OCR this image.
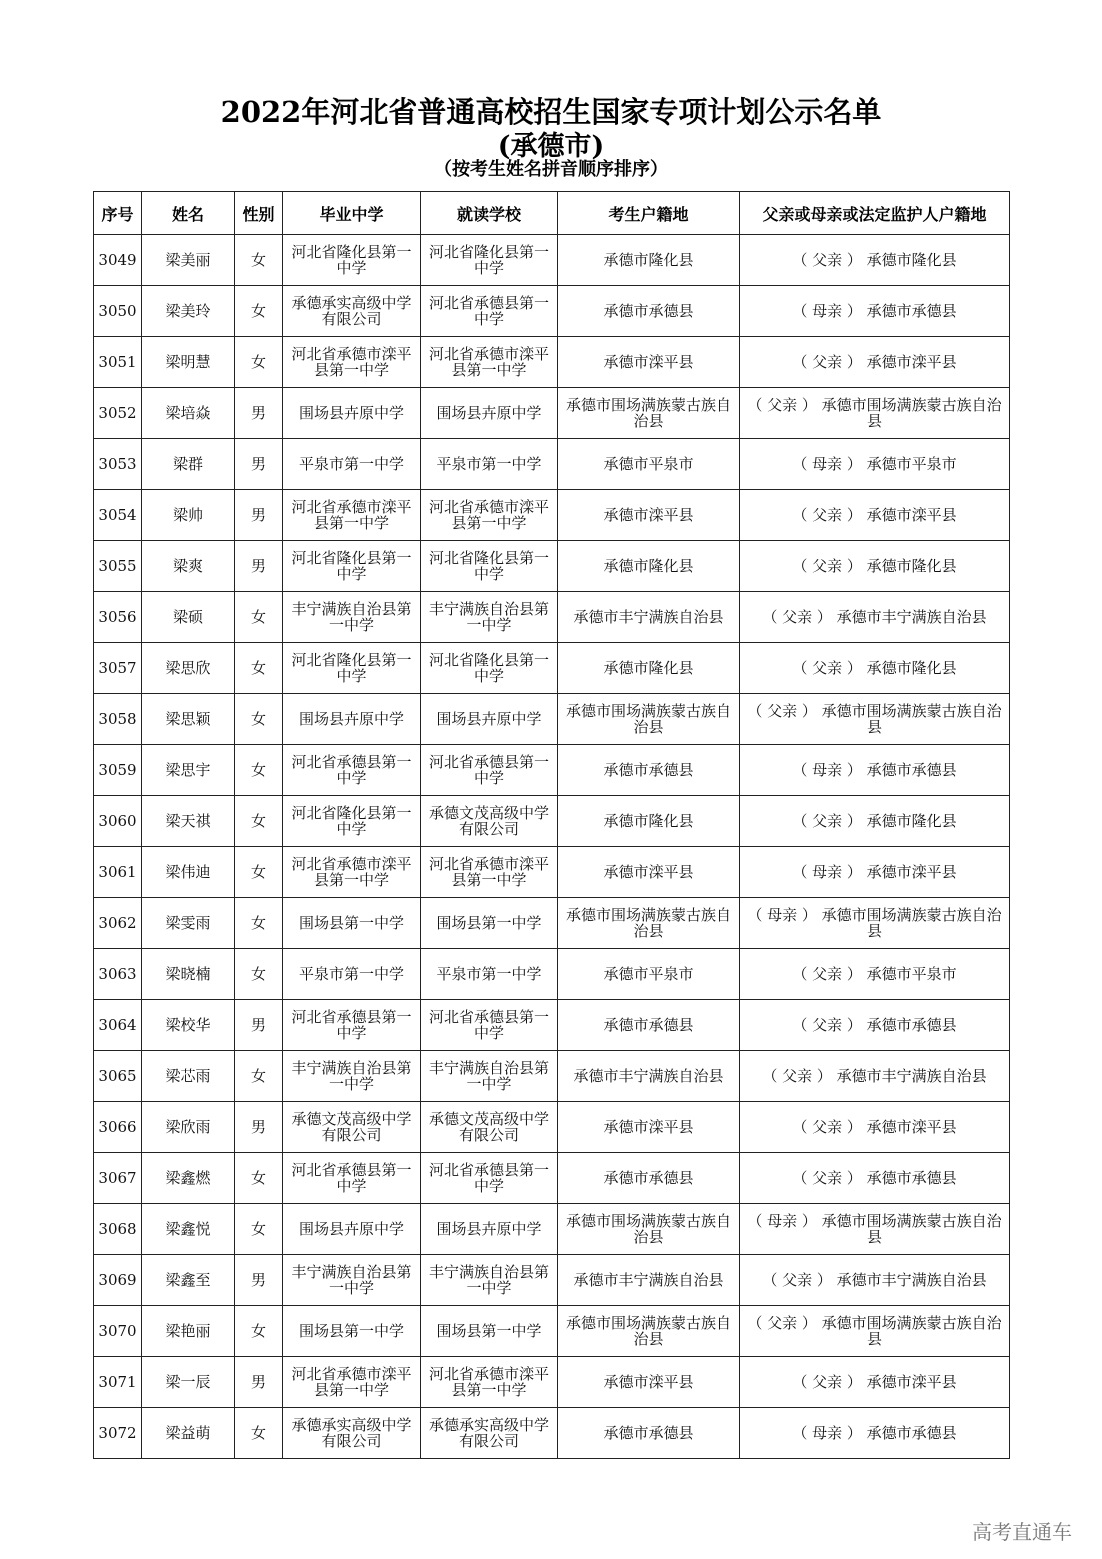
2022年河北省普通高校招生国家专项计划公示名单
(承德市)
（按考生姓名拼音顺序排序）
序号	姓名	性别	毕业中学	就读学校	考生户籍地	父亲或母亲或法定监护人户籍地
3049	梁美丽	女	河北省隆化县第一中学	河北省隆化县第一中学	承德市隆化县	（ 父亲 ） 承德市隆化县
3050	梁美玲	女	承德承实高级中学有限公司	河北省承德县第一中学	承德市承德县	（ 母亲 ） 承德市承德县
3051	梁明慧	女	河北省承德市滦平县第一中学	河北省承德市滦平县第一中学	承德市滦平县	（ 父亲 ） 承德市滦平县
3052	梁培焱	男	围场县卉原中学	围场县卉原中学	承德市围场满族蒙古族自治县	（ 父亲 ） 承德市围场满族蒙古族自治县
3053	梁群	男	平泉市第一中学	平泉市第一中学	承德市平泉市	（ 母亲 ） 承德市平泉市
3054	梁帅	男	河北省承德市滦平县第一中学	河北省承德市滦平县第一中学	承德市滦平县	（ 父亲 ） 承德市滦平县
3055	梁爽	男	河北省隆化县第一中学	河北省隆化县第一中学	承德市隆化县	（ 父亲 ） 承德市隆化县
3056	梁硕	女	丰宁满族自治县第一中学	丰宁满族自治县第一中学	承德市丰宁满族自治县	（ 父亲 ） 承德市丰宁满族自治县
3057	梁思欣	女	河北省隆化县第一中学	河北省隆化县第一中学	承德市隆化县	（ 父亲 ） 承德市隆化县
3058	梁思颖	女	围场县卉原中学	围场县卉原中学	承德市围场满族蒙古族自治县	（ 父亲 ） 承德市围场满族蒙古族自治县
3059	梁思宇	女	河北省承德县第一中学	河北省承德县第一中学	承德市承德县	（ 母亲 ） 承德市承德县
3060	梁天祺	女	河北省隆化县第一中学	承德文茂高级中学有限公司	承德市隆化县	（ 父亲 ） 承德市隆化县
3061	梁伟迪	女	河北省承德市滦平县第一中学	河北省承德市滦平县第一中学	承德市滦平县	（ 母亲 ） 承德市滦平县
3062	梁雯雨	女	围场县第一中学	围场县第一中学	承德市围场满族蒙古族自治县	（ 母亲 ） 承德市围场满族蒙古族自治县
3063	梁晓楠	女	平泉市第一中学	平泉市第一中学	承德市平泉市	（ 父亲 ） 承德市平泉市
3064	梁校华	男	河北省承德县第一中学	河北省承德县第一中学	承德市承德县	（ 父亲 ） 承德市承德县
3065	梁芯雨	女	丰宁满族自治县第一中学	丰宁满族自治县第一中学	承德市丰宁满族自治县	（ 父亲 ） 承德市丰宁满族自治县
3066	梁欣雨	男	承德文茂高级中学有限公司	承德文茂高级中学有限公司	承德市滦平县	（ 父亲 ） 承德市滦平县
3067	梁鑫燃	女	河北省承德县第一中学	河北省承德县第一中学	承德市承德县	（ 父亲 ） 承德市承德县
3068	梁鑫悦	女	围场县卉原中学	围场县卉原中学	承德市围场满族蒙古族自治县	（ 母亲 ） 承德市围场满族蒙古族自治县
3069	梁鑫至	男	丰宁满族自治县第一中学	丰宁满族自治县第一中学	承德市丰宁满族自治县	（ 父亲 ） 承德市丰宁满族自治县
3070	梁艳丽	女	围场县第一中学	围场县第一中学	承德市围场满族蒙古族自治县	（ 父亲 ） 承德市围场满族蒙古族自治县
3071	梁一辰	男	河北省承德市滦平县第一中学	河北省承德市滦平县第一中学	承德市滦平县	（ 父亲 ） 承德市滦平县
3072	梁益萌	女	承德承实高级中学有限公司	承德承实高级中学有限公司	承德市承德县	（ 母亲 ） 承德市承德县
高考直通车
